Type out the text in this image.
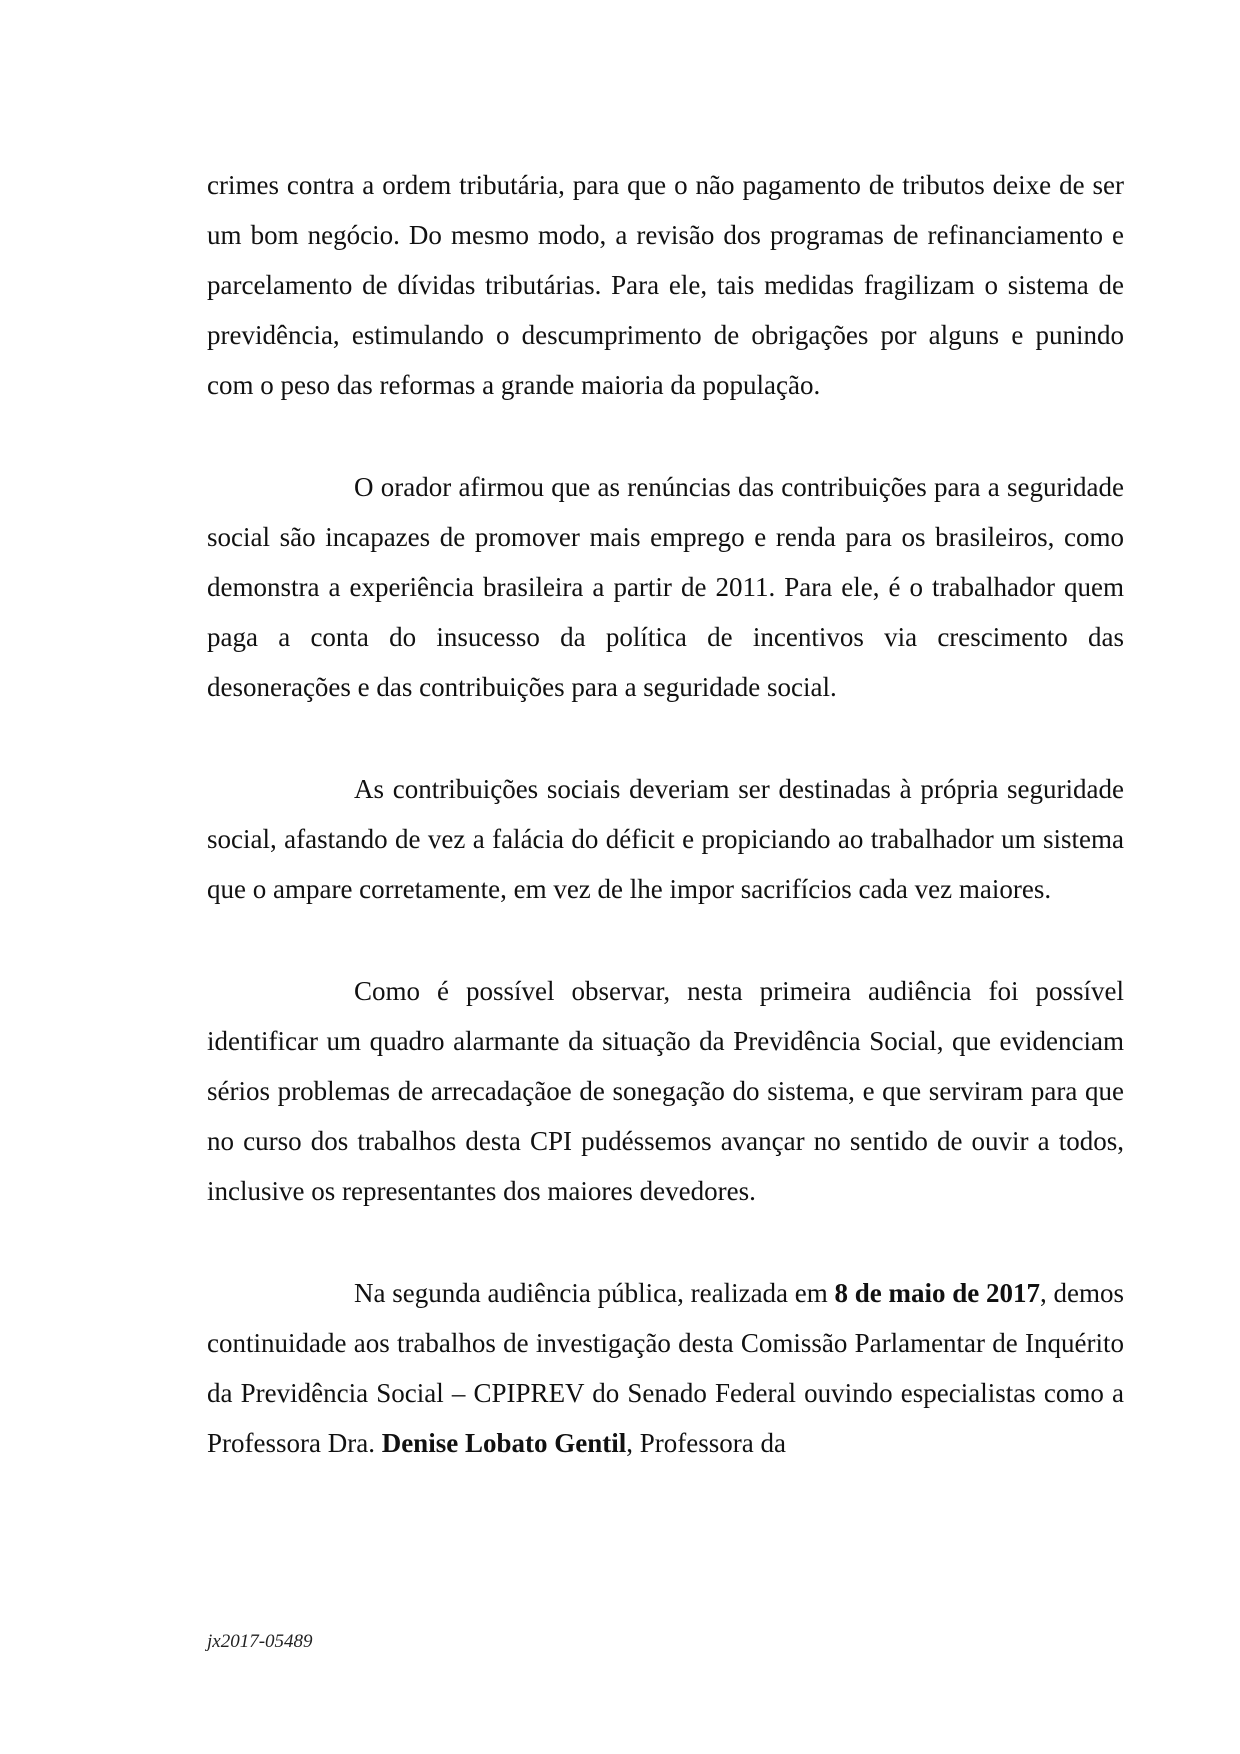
crimes contra a ordem tributária, para que o não pagamento de tributos deixe de ser um bom negócio. Do mesmo modo, a revisão dos programas de refinanciamento e parcelamento de dívidas tributárias. Para ele, tais medidas fragilizam o sistema de previdência, estimulando o descumprimento de obrigações por alguns e punindo com o peso das reformas a grande maioria da população.

O orador afirmou que as renúncias das contribuições para a seguridade social são incapazes de promover mais emprego e renda para os brasileiros, como demonstra a experiência brasileira a partir de 2011. Para ele, é o trabalhador quem paga a conta do insucesso da política de incentivos via crescimento das desonerações e das contribuições para a seguridade social.

As contribuições sociais deveriam ser destinadas à própria seguridade social, afastando de vez a falácia do déficit e propiciando ao trabalhador um sistema que o ampare corretamente, em vez de lhe impor sacrifícios cada vez maiores.

Como é possível observar, nesta primeira audiência foi possível identificar um quadro alarmante da situação da Previdência Social, que evidenciam sérios problemas de arrecadaçãoe de sonegação do sistema, e que serviram para que no curso dos trabalhos desta CPI pudéssemos avançar no sentido de ouvir a todos, inclusive os representantes dos maiores devedores.

Na segunda audiência pública, realizada em 8 de maio de 2017, demos continuidade aos trabalhos de investigação desta Comissão Parlamentar de Inquérito da Previdência Social – CPIPREV do Senado Federal ouvindo especialistas como a Professora Dra. Denise Lobato Gentil, Professora da

jx2017-05489
